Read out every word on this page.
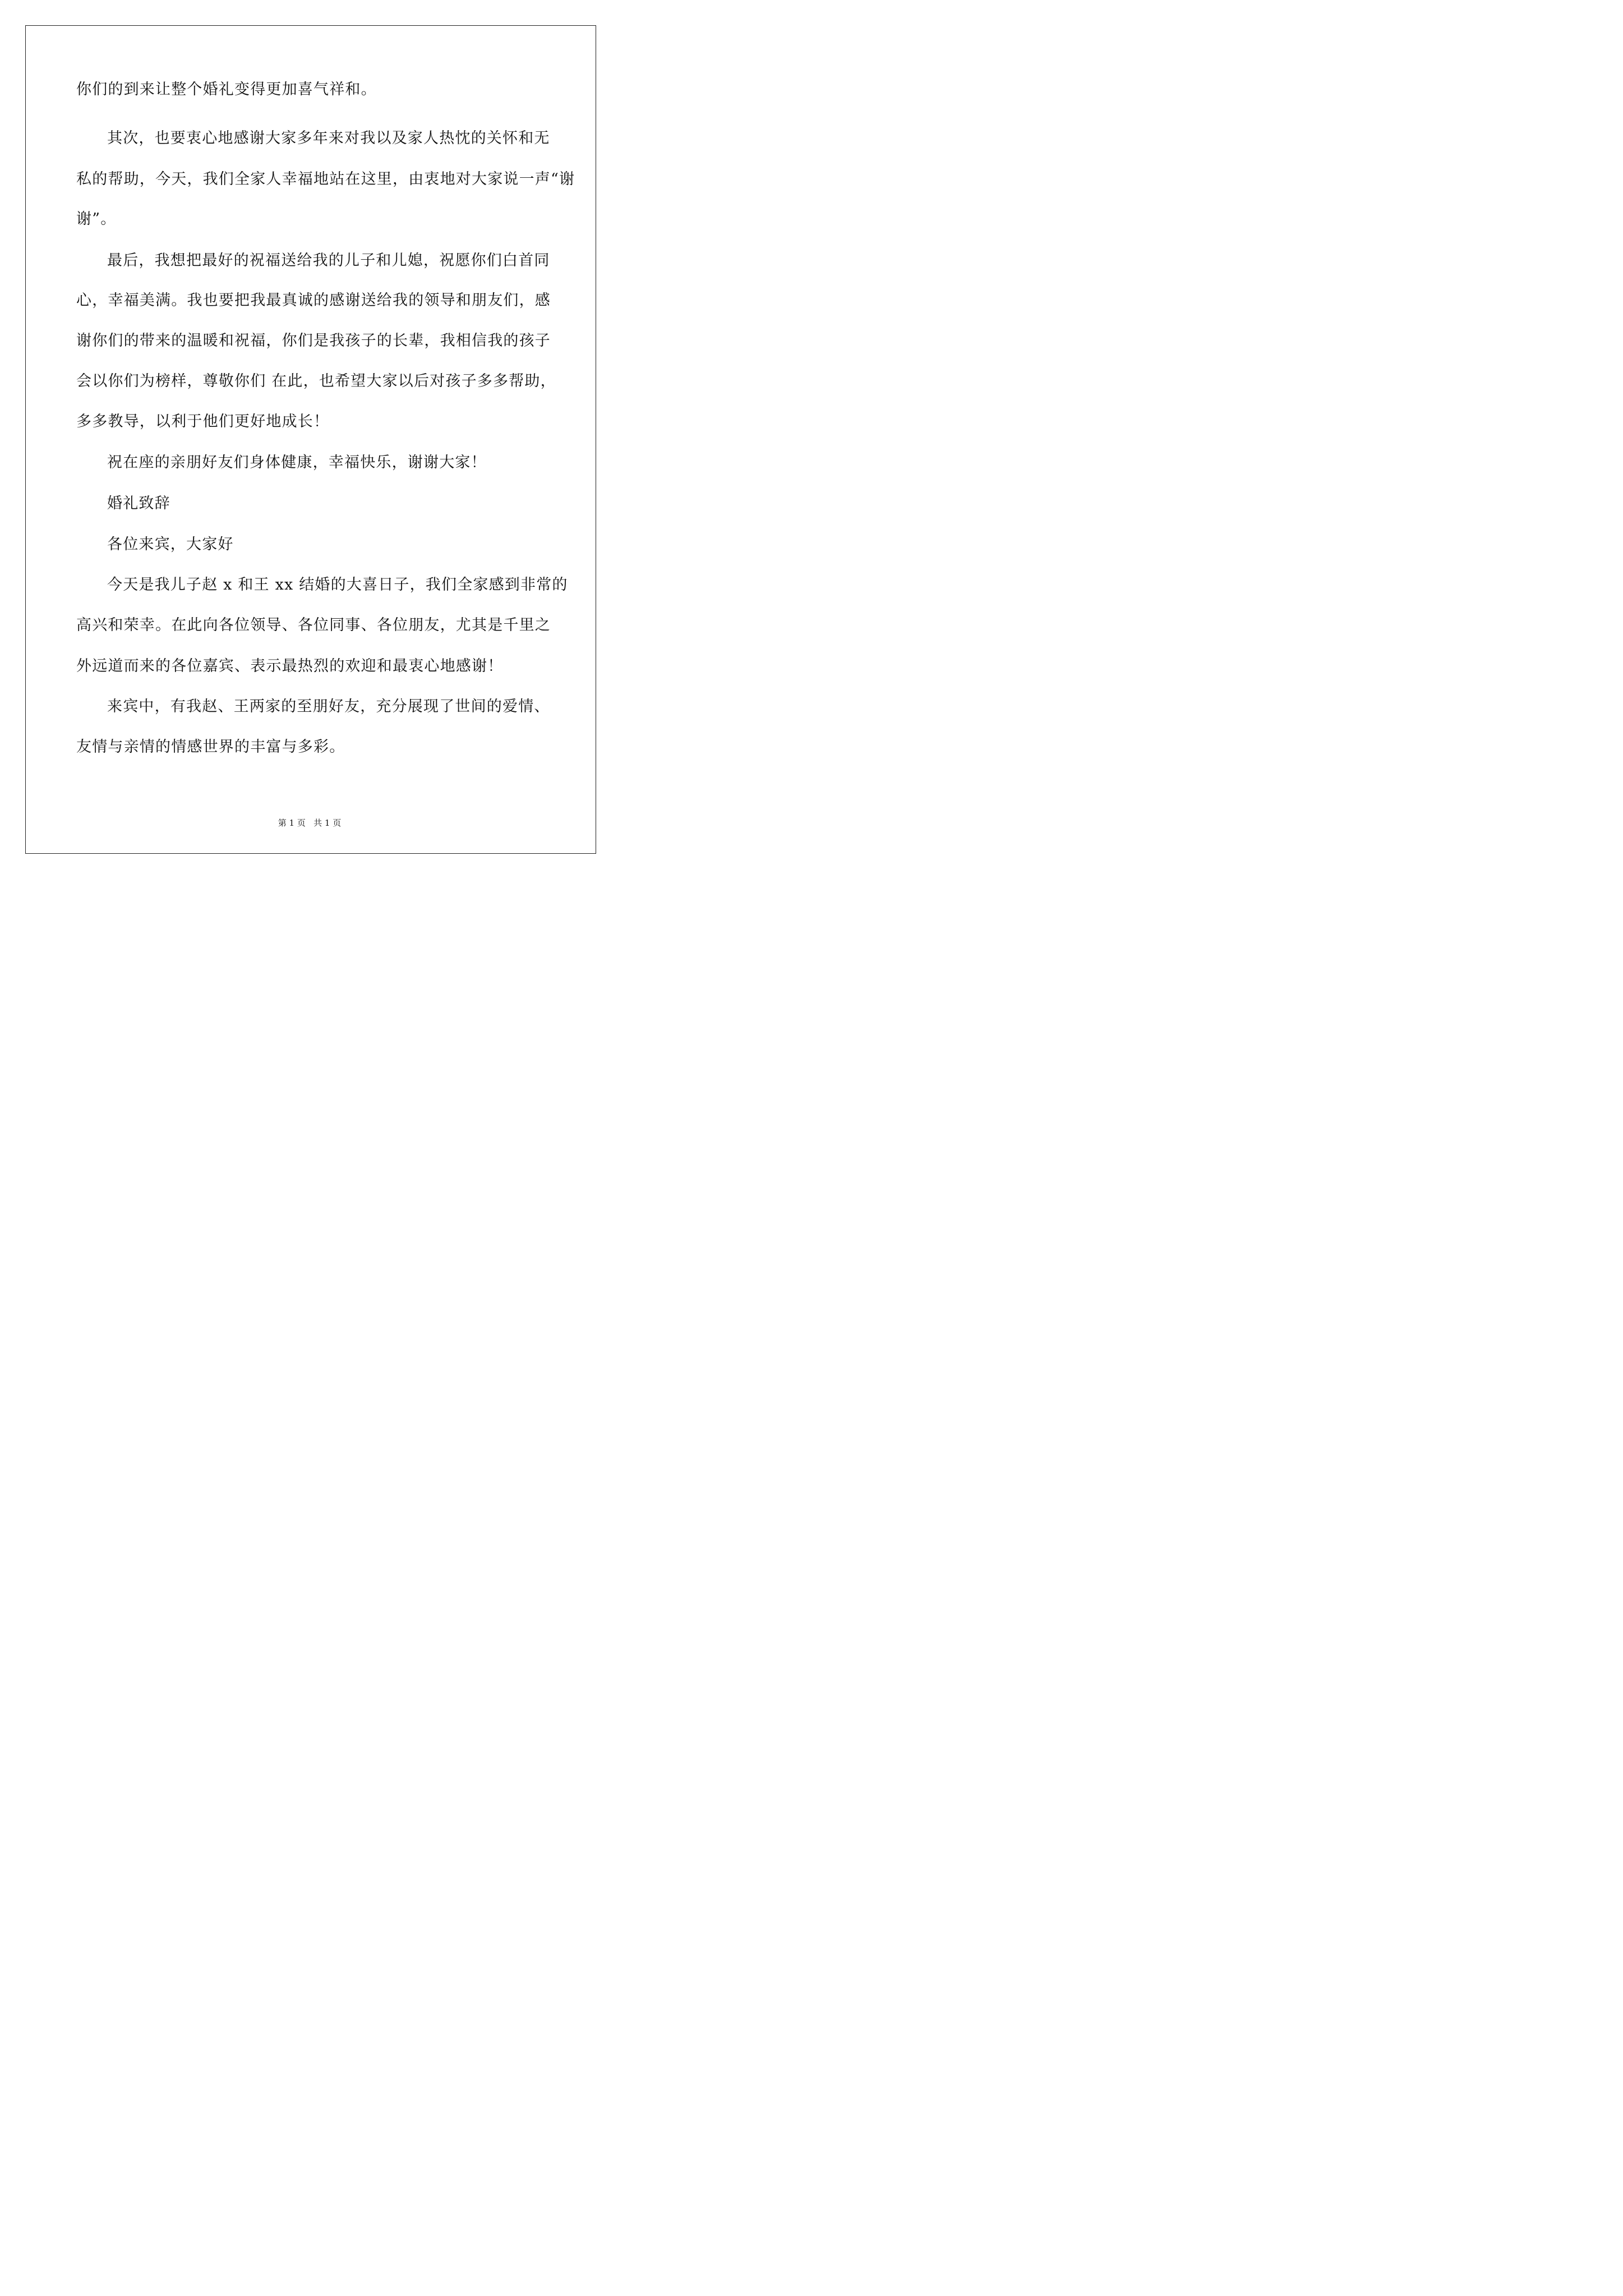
你们的到来让整个婚礼变得更加喜气祥和。
其次，也要衷心地感谢大家多年来对我以及家人热忱的关怀和无
私的帮助，今天，我们全家人幸福地站在这里，由衷地对大家说一声“谢
谢”。
最后，我想把最好的祝福送给我的儿子和儿媳，祝愿你们白首同
心，幸福美满。我也要把我最真诚的感谢送给我的领导和朋友们，感
谢你们的带来的温暖和祝福，你们是我孩子的长辈，我相信我的孩子
会以你们为榜样，尊敬你们 在此，也希望大家以后对孩子多多帮助，
多多教导，以利于他们更好地成长！
祝在座的亲朋好友们身体健康，幸福快乐，谢谢大家！
婚礼致辞
各位来宾，大家好
今天是我儿子赵 x 和王 xx 结婚的大喜日子，我们全家感到非常的
高兴和荣幸。在此向各位领导、各位同事、各位朋友，尤其是千里之
外远道而来的各位嘉宾、表示最热烈的欢迎和最衷心地感谢！
来宾中，有我赵、王两家的至朋好友，充分展现了世间的爱情、
友情与亲情的情感世界的丰富与多彩。
第 1 页   共 1 页
